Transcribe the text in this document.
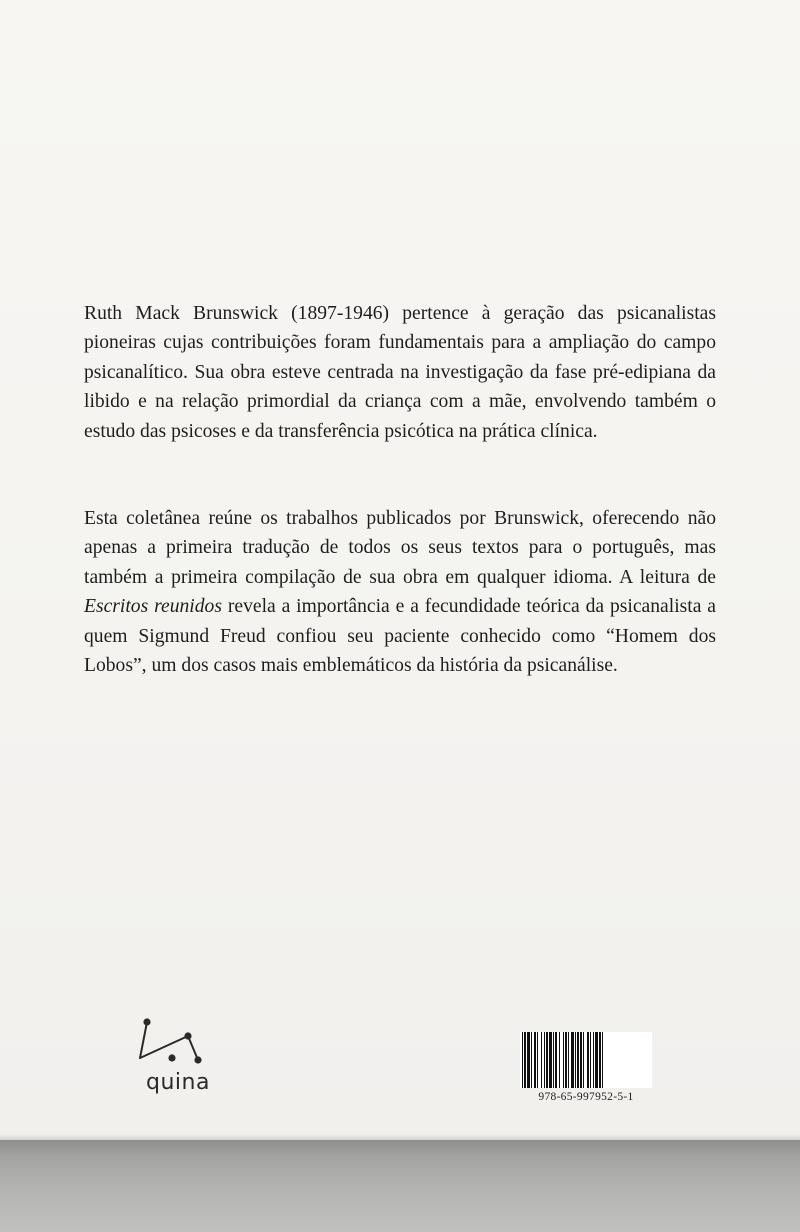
Ruth Mack Brunswick (1897-1946) pertence à geração das psicanalistas pioneiras cujas contribuições foram fundamentais para a ampliação do campo psicanalítico. Sua obra esteve centrada na investigação da fase pré-edipiana da libido e na relação primordial da criança com a mãe, envolvendo também o estudo das psicoses e da transferência psicótica na prática clínica.

Esta coletânea reúne os trabalhos publicados por Brunswick, oferecendo não apenas a primeira tradução de todos os seus textos para o português, mas também a primeira compilação de sua obra em qualquer idioma. A leitura de Escritos reunidos revela a importância e a fecundidade teórica da psicanalista a quem Sigmund Freud confiou seu paciente conhecido como “Homem dos Lobos”, um dos casos mais emblemáticos da história da psicanálise.

quina
978-65-997952-5-1
